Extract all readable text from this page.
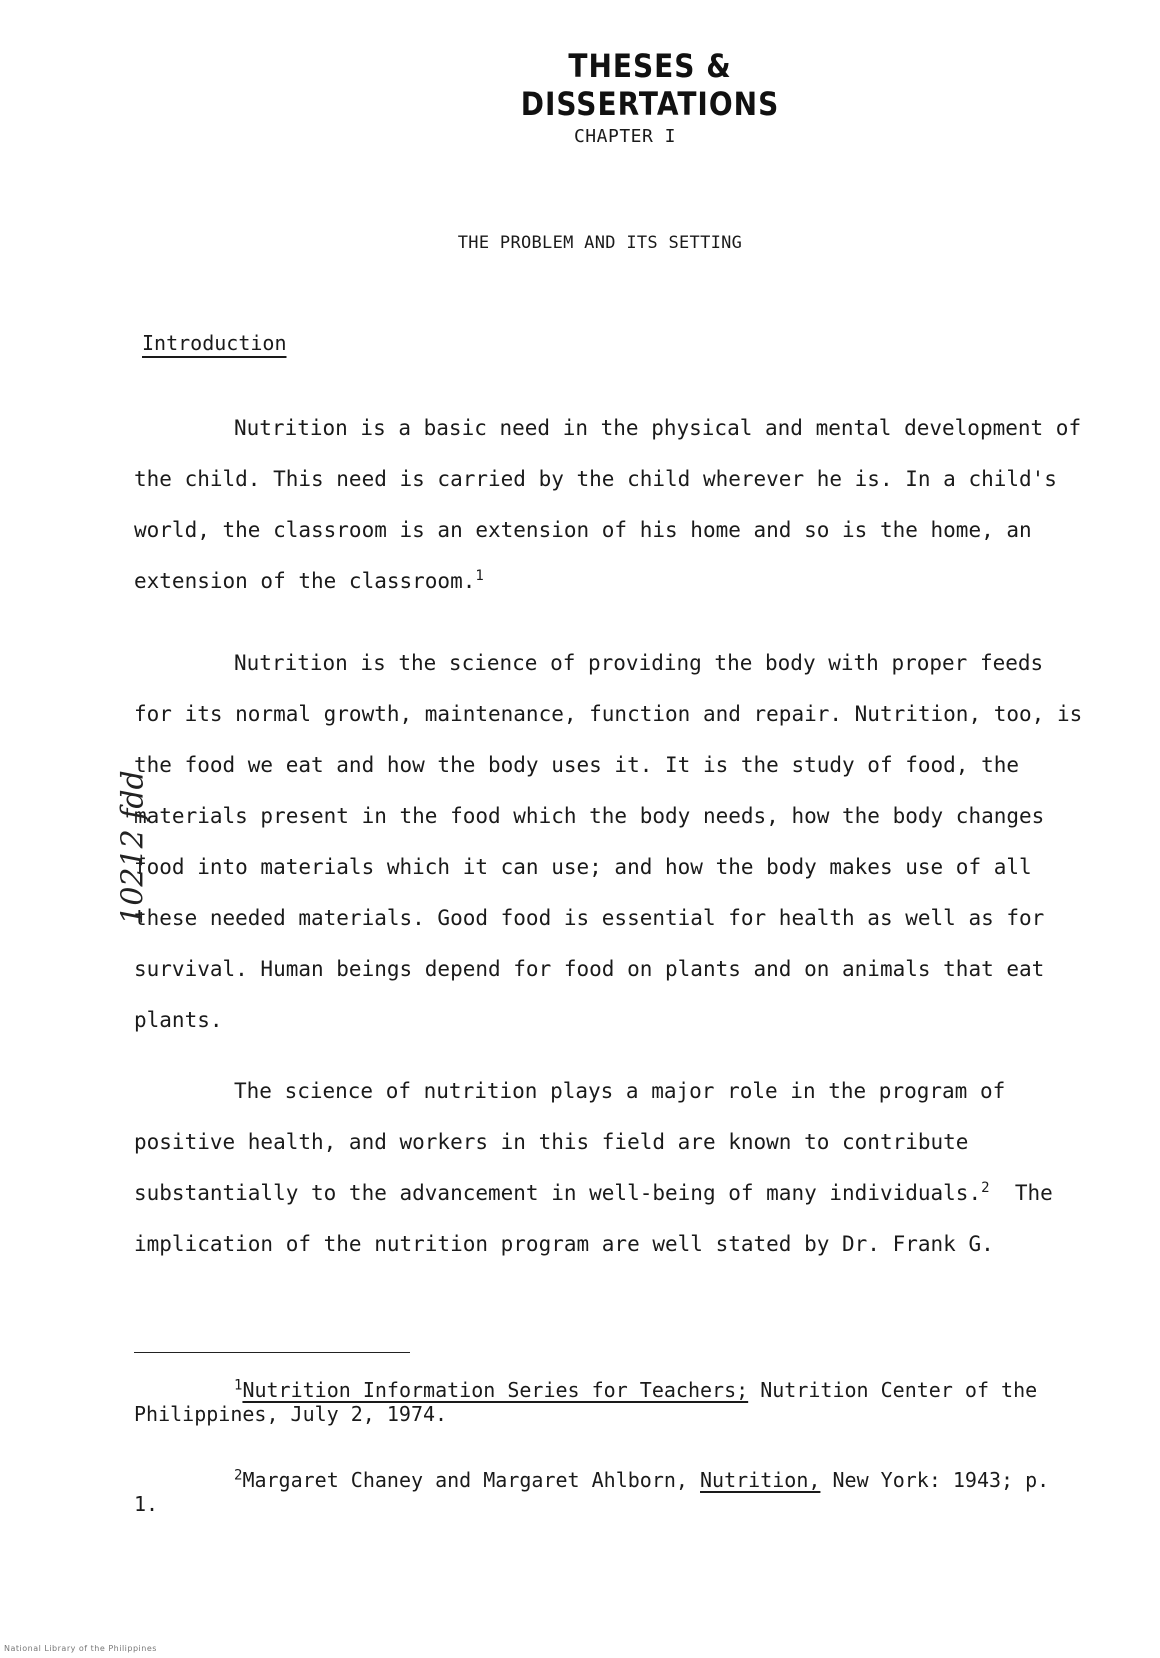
THESES & DISSERTATIONS
CHAPTER I
THE PROBLEM AND ITS SETTING
Introduction

Nutrition is a basic need in the physical and mental development of the child. This need is carried by the child wherever he is. In a child's world, the classroom is an extension of his home and so is the home, an extension of the classroom.$^1$

Nutrition is the science of providing the body with proper feeds for its normal growth, maintenance, function and repair. Nutrition, too, is the food we eat and how the body uses it. It is the study of food, the materials present in the food which the body needs, how the body changes food into materials which it can use; and how the body makes use of all these needed materials. Good food is essential for health as well as for survival. Human beings depend for food on plants and on animals that eat plants.

The science of nutrition plays a major role in the program of positive health, and workers in this field are known to contribute substantially to the advancement in well-being of many individuals.$^2$ The implication of the nutrition program are well stated by Dr. Frank G.

$^1$Nutrition Information Series for Teachers; Nutrition Center of the Philippines, July 2, 1974.

$^2$Margaret Chaney and Margaret Ahlborn, Nutrition, New York: 1943; p. 1.

10212 fdd
National Library of the Philippines
